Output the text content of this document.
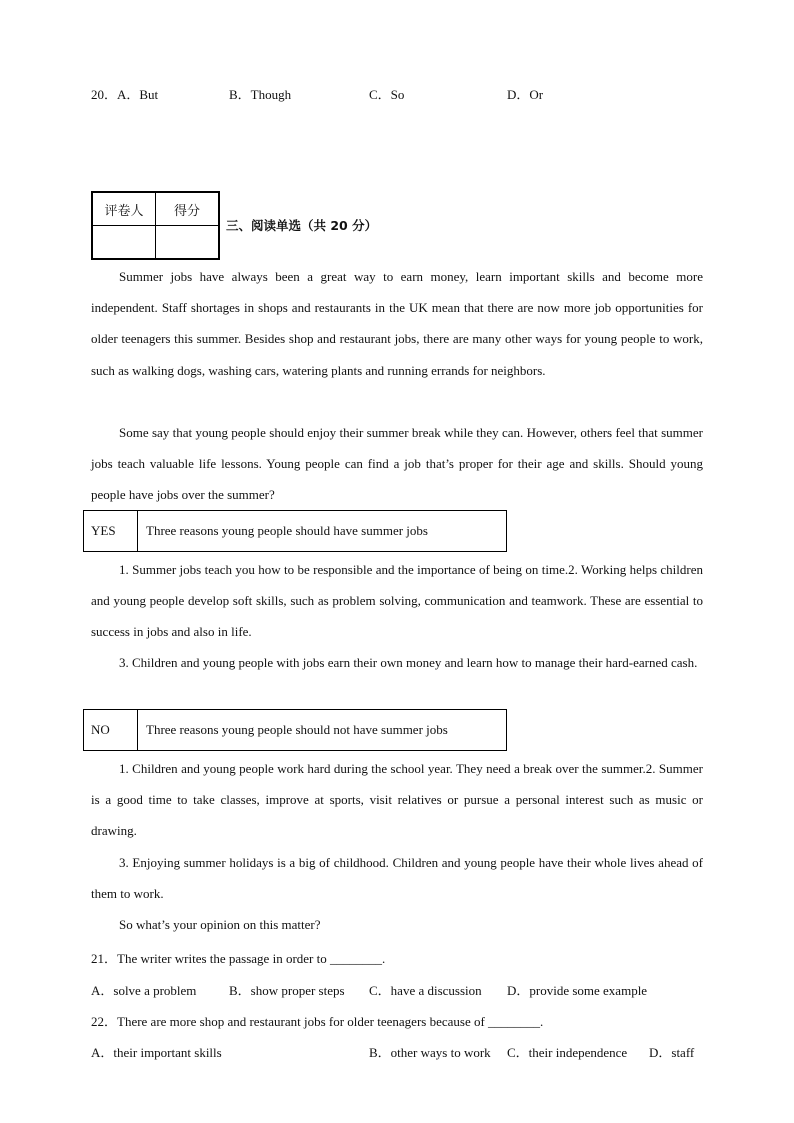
20．A．But	B．Though	C．So	D．Or
评卷人	得分

三、阅读单选（共 20 分）
Summer jobs have always been a great way to earn money, learn important skills and become more independent. Staff shortages in shops and restaurants in the UK mean that there are now more job opportunities for older teenagers this summer. Besides shop and restaurant jobs, there are many other ways for young people to work, such as walking dogs, washing cars, watering plants and running errands for neighbors.
Some say that young people should enjoy their summer break while they can. However, others feel that summer jobs teach valuable life lessons. Young people can find a job that’s proper for their age and skills. Should young people have jobs over the summer?
YES	Three reasons young people should have summer jobs
1. Summer jobs teach you how to be responsible and the importance of being on time.2. Working helps children and young people develop soft skills, such as problem solving, communication and teamwork. These are essential to success in jobs and also in life.
3. Children and young people with jobs earn their own money and learn how to manage their hard-earned cash.
NO	Three reasons young people should not have summer jobs
1. Children and young people work hard during the school year. They need a break over the summer.2. Summer is a good time to take classes, improve at sports, visit relatives or pursue a personal interest such as music or drawing.
3. Enjoying summer holidays is a big of childhood. Children and young people have their whole lives ahead of them to work.
So what’s your opinion on this matter?
21．The writer writes the passage in order to ________.
A．solve a problem	B．show proper steps C．have a discussion D．provide some example
22．There are more shop and restaurant jobs for older teenagers because of ________.
A．their important skills	B．other ways to work C．their independence D．staff
